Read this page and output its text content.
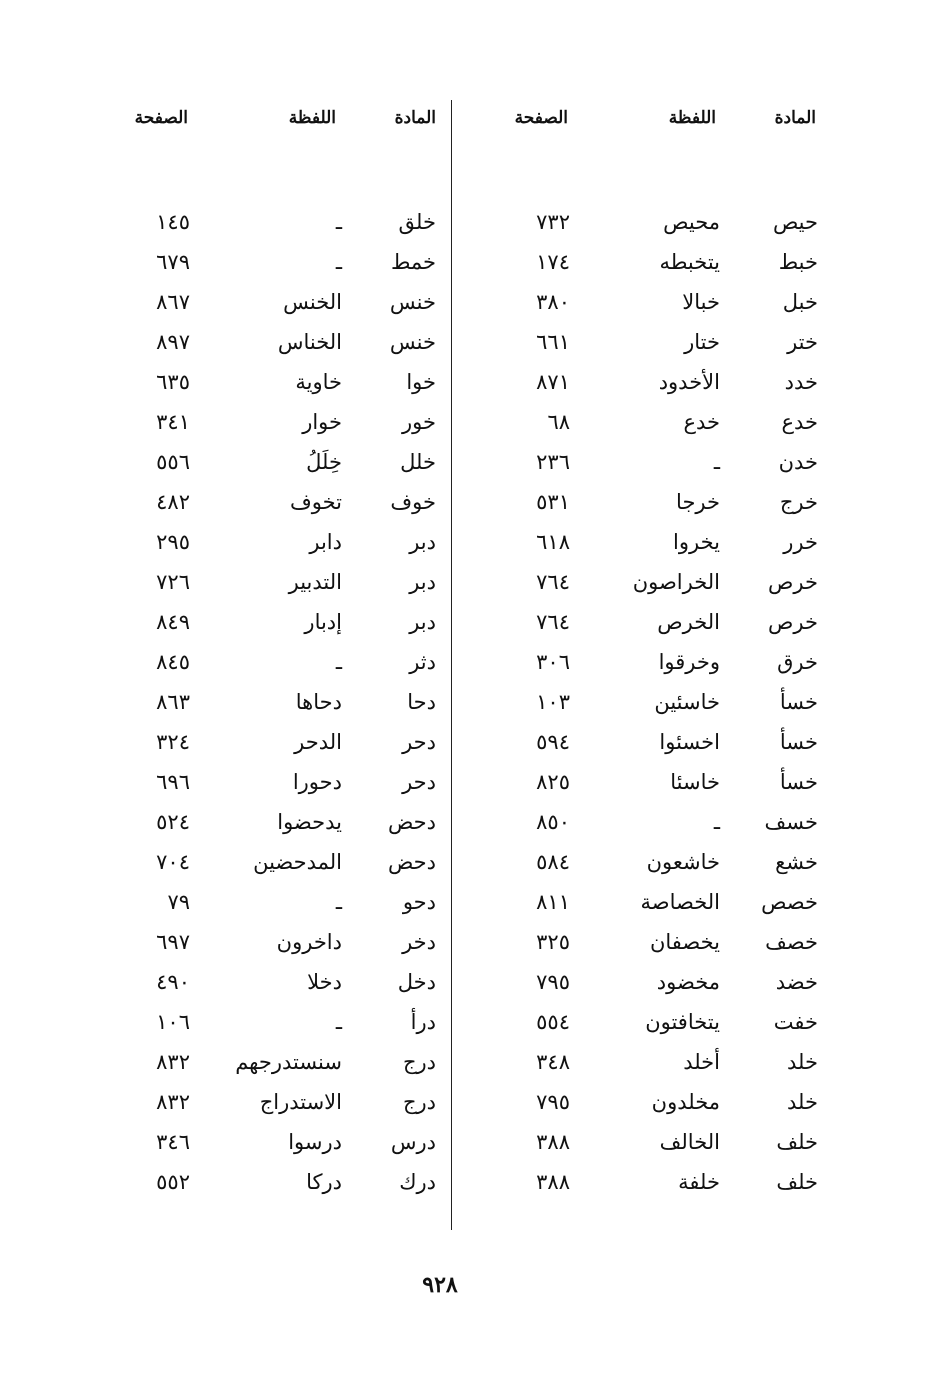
المادة
اللفظة
الصفحة
حيص
محيص
٧٣٢
خبط
يتخبطه
١٧٤
خبل
خبالا
٣٨٠
ختر
ختار
٦٦١
خدد
الأخدود
٨٧١
خدع
خدع
٦٨
خدن
ـ
٢٣٦
خرج
خرجا
٥٣١
خرر
يخروا
٦١٨
خرص
الخراصون
٧٦٤
خرص
الخرص
٧٦٤
خرق
وخرقوا
٣٠٦
خسأ
خاسئين
١٠٣
خسأ
اخسئوا
٥٩٤
خسأ
خاسئا
٨٢٥
خسف
ـ
٨٥٠
خشع
خاشعون
٥٨٤
خصص
الخصاصة
٨١١
خصف
يخصفان
٣٢٥
خضد
مخضود
٧٩٥
خفت
يتخافتون
٥٥٤
خلد
أخلد
٣٤٨
خلد
مخلدون
٧٩٥
خلف
الخالف
٣٨٨
خلف
خلفة
٣٨٨
المادة
اللفظة
الصفحة
خلق
ـ
١٤٥
خمط
ـ
٦٧٩
خنس
الخنس
٨٦٧
خنس
الخناس
٨٩٧
خوا
خاوية
٦٣٥
خور
خوار
٣٤١
خلل
خِلَلُ
٥٥٦
خوف
تخوف
٤٨٢
دبر
دابر
٢٩٥
دبر
التدبير
٧٢٦
دبر
إدبار
٨٤٩
دثر
ـ
٨٤٥
دحا
دحاها
٨٦٣
دحر
الدحر
٣٢٤
دحر
دحورا
٦٩٦
دحض
يدحضوا
٥٢٤
دحض
المدحضين
٧٠٤
دحو
ـ
٧٩
دخر
داخرون
٦٩٧
دخل
دخلا
٤٩٠
درأ
ـ
١٠٦
درج
سنستدرجهم
٨٣٢
درج
الاستدراج
٨٣٢
درس
درسوا
٣٤٦
درك
دركا
٥٥٢
٩٢٨
